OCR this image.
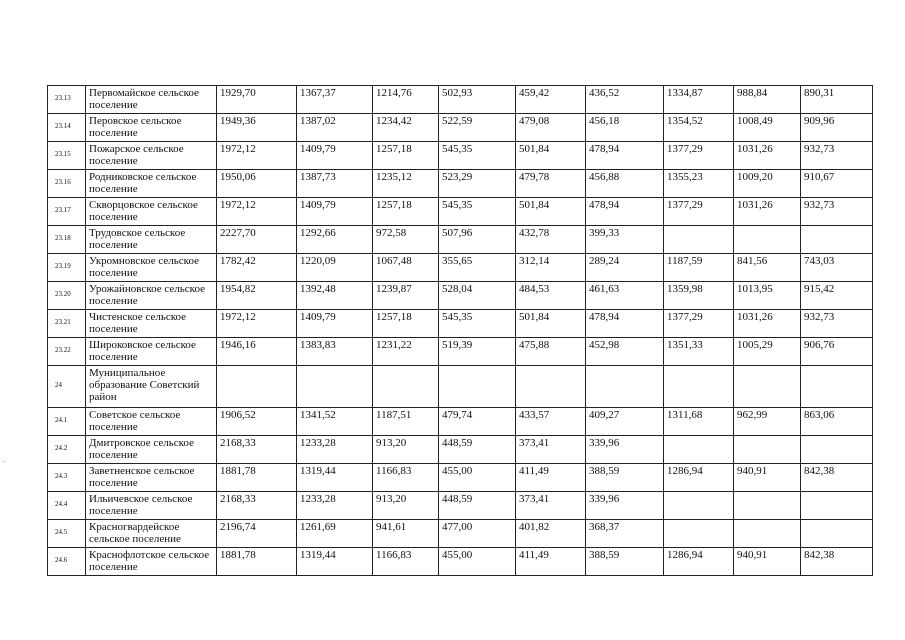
23.13	Первомайское сельское поселение	1929,70	1367,37	1214,76	502,93	459,42	436,52	1334,87	988,84	890,31
23.14	Перовское сельское поселение	1949,36	1387,02	1234,42	522,59	479,08	456,18	1354,52	1008,49	909,96
23.15	Пожарское сельское поселение	1972,12	1409,79	1257,18	545,35	501,84	478,94	1377,29	1031,26	932,73
23.16	Родниковское сельское поселение	1950,06	1387,73	1235,12	523,29	479,78	456,88	1355,23	1009,20	910,67
23.17	Скворцовское сельское поселение	1972,12	1409,79	1257,18	545,35	501,84	478,94	1377,29	1031,26	932,73
23.18	Трудовское сельское поселение	2227,70	1292,66	972,58	507,96	432,78	399,33			
23.19	Укромновское сельское поселение	1782,42	1220,09	1067,48	355,65	312,14	289,24	1187,59	841,56	743,03
23.20	Урожайновское сельское поселение	1954,82	1392,48	1239,87	528,04	484,53	461,63	1359,98	1013,95	915,42
23.21	Чистенское сельское поселение	1972,12	1409,79	1257,18	545,35	501,84	478,94	1377,29	1031,26	932,73
23.22	Широковское сельское поселение	1946,16	1383,83	1231,22	519,39	475,88	452,98	1351,33	1005,29	906,76
24	Муниципальное образование Советский район									
24.1	Советское сельское поселение	1906,52	1341,52	1187,51	479,74	433,57	409,27	1311,68	962,99	863,06
24.2	Дмитровское сельское поселение	2168,33	1233,28	913,20	448,59	373,41	339,96			
24.3	Заветненское сельское поселение	1881,78	1319,44	1166,83	455,00	411,49	388,59	1286,94	940,91	842,38
24.4	Ильичевское сельское поселение	2168,33	1233,28	913,20	448,59	373,41	339,96			
24.5	Красногвардейское сельское поселение	2196,74	1261,69	941,61	477,00	401,82	368,37			
24.6	Краснофлотское сельское поселение	1881,78	1319,44	1166,83	455,00	411,49	388,59	1286,94	940,91	842,38
